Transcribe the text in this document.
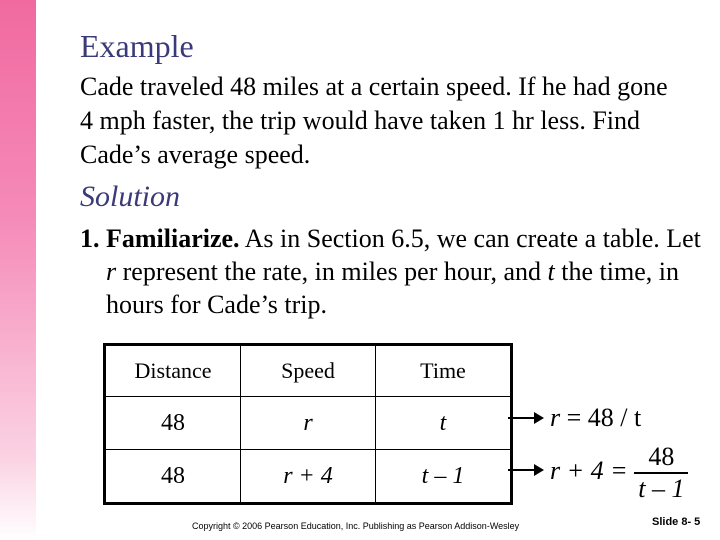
Example
Cade traveled 48 miles at a certain speed. If he had gone 4 mph faster, the trip would have taken 1 hr less. Find Cade’s average speed.
Solution
1. Familiarize. As in Section 6.5, we can create a table. Let r represent the rate, in miles per hour, and t the time, in hours for Cade’s trip.
Distance	Speed	Time
48	r	t
48	r + 4	t – 1
r = 48 / t
$r + 4 = \frac{48}{t - 1}$
Copyright © 2006 Pearson Education, Inc. Publishing as Pearson Addison-Wesley	Slide 8- 5
